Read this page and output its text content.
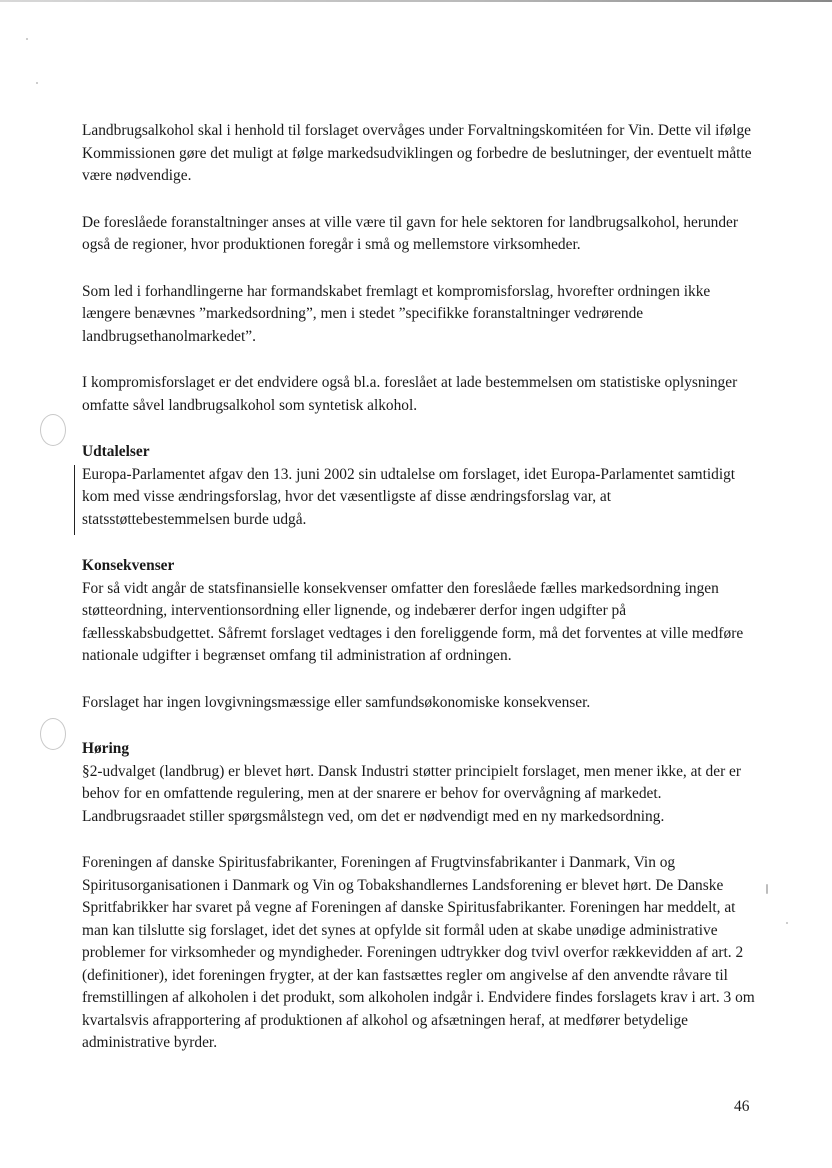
Landbrugsalkohol skal i henhold til forslaget overvåges under Forvaltningskomitéen for Vin. Dette vil ifølge Kommissionen gøre det muligt at følge markedsudviklingen og forbedre de beslutninger, der eventuelt måtte være nødvendige.

De foreslåede foranstaltninger anses at ville være til gavn for hele sektoren for landbrugsalkohol, herunder også de regioner, hvor produktionen foregår i små og mellemstore virksomheder.

Som led i forhandlingerne har formandskabet fremlagt et kompromisforslag, hvorefter ordningen ikke længere benævnes ”markedsordning”, men i stedet ”specifikke foranstaltninger vedrørende landbrugsethanolmarkedet”.

I kompromisforslaget er det endvidere også bl.a. foreslået at lade bestemmelsen om statistiske oplysninger omfatte såvel landbrugsalkohol som syntetisk alkohol.

Udtalelser

Europa-Parlamentet afgav den 13. juni 2002 sin udtalelse om forslaget, idet Europa-Parlamentet samtidigt kom med visse ændringsforslag, hvor det væsentligste af disse ændringsforslag var, at statsstøttebestemmelsen burde udgå.

Konsekvenser

For så vidt angår de statsfinansielle konsekvenser omfatter den foreslåede fælles markedsordning ingen støtteordning, interventionsordning eller lignende, og indebærer derfor ingen udgifter på fællesskabsbudgettet. Såfremt forslaget vedtages i den foreliggende form, må det forventes at ville medføre nationale udgifter i begrænset omfang til administration af ordningen.

Forslaget har ingen lovgivningsmæssige eller samfundsøkonomiske konsekvenser.

Høring

§2-udvalget (landbrug) er blevet hørt. Dansk Industri støtter principielt forslaget, men mener ikke, at der er behov for en omfattende regulering, men at der snarere er behov for overvågning af markedet. Landbrugsraadet stiller spørgsmålstegn ved, om det er nødvendigt med en ny markedsordning.

Foreningen af danske Spiritusfabrikanter, Foreningen af Frugtvinsfabrikanter i Danmark, Vin og Spiritusorganisationen i Danmark og Vin og Tobakshandlernes Landsforening er blevet hørt. De Danske Spritfabrikker har svaret på vegne af Foreningen af danske Spiritusfabrikanter. Foreningen har meddelt, at man kan tilslutte sig forslaget, idet det synes at opfylde sit formål uden at skabe unødige administrative problemer for virksomheder og myndigheder. Foreningen udtrykker dog tvivl overfor rækkevidden af art. 2 (definitioner), idet foreningen frygter, at der kan fastsættes regler om angivelse af den anvendte råvare til fremstillingen af alkoholen i det produkt, som alkoholen indgår i. Endvidere findes forslagets krav i art. 3 om kvartalsvis afrapportering af produktionen af alkohol og afsætningen heraf, at medfører betydelige administrative byrder.

46
